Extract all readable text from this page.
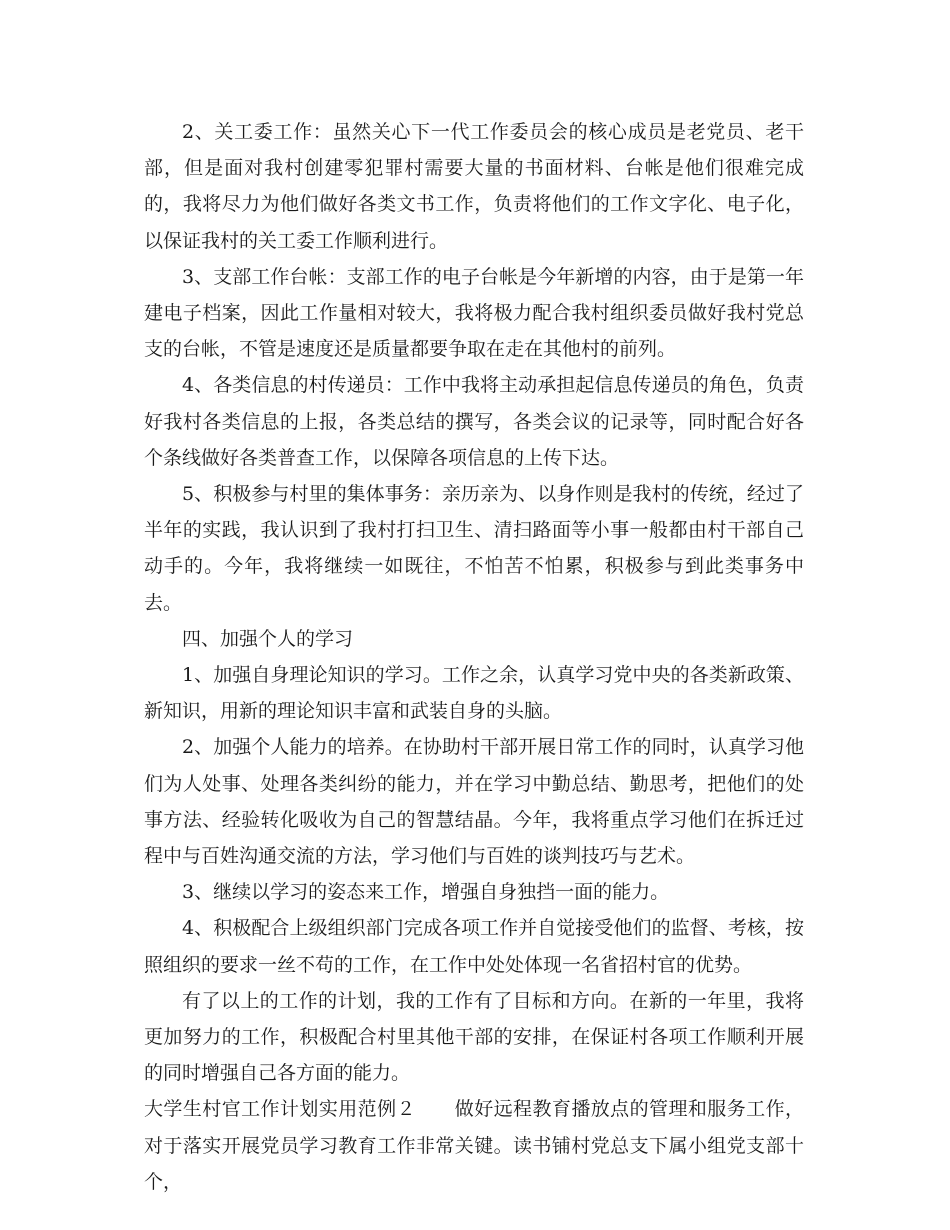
2、关工委工作：虽然关心下一代工作委员会的核心成员是老党员、老干部，但是面对我村创建零犯罪村需要大量的书面材料、台帐是他们很难完成的，我将尽力为他们做好各类文书工作，负责将他们的工作文字化、电子化，以保证我村的关工委工作顺利进行。

3、支部工作台帐：支部工作的电子台帐是今年新增的内容，由于是第一年建电子档案，因此工作量相对较大，我将极力配合我村组织委员做好我村党总支的台帐，不管是速度还是质量都要争取在走在其他村的前列。

4、各类信息的村传递员：工作中我将主动承担起信息传递员的角色，负责好我村各类信息的上报，各类总结的撰写，各类会议的记录等，同时配合好各个条线做好各类普查工作，以保障各项信息的上传下达。

5、积极参与村里的集体事务：亲历亲为、以身作则是我村的传统，经过了半年的实践，我认识到了我村打扫卫生、清扫路面等小事一般都由村干部自己动手的。今年，我将继续一如既往，不怕苦不怕累，积极参与到此类事务中去。

四、加强个人的学习

1、加强自身理论知识的学习。工作之余，认真学习党中央的各类新政策、新知识，用新的理论知识丰富和武装自身的头脑。

2、加强个人能力的培养。在协助村干部开展日常工作的同时，认真学习他们为人处事、处理各类纠纷的能力，并在学习中勤总结、勤思考，把他们的处事方法、经验转化吸收为自己的智慧结晶。今年，我将重点学习他们在拆迁过程中与百姓沟通交流的方法，学习他们与百姓的谈判技巧与艺术。

3、继续以学习的姿态来工作，增强自身独挡一面的能力。

4、积极配合上级组织部门完成各项工作并自觉接受他们的监督、考核，按照组织的要求一丝不苟的工作，在工作中处处体现一名省招村官的优势。

有了以上的工作的计划，我的工作有了目标和方向。在新的一年里，我将更加努力的工作，积极配合村里其他干部的安排，在保证村各项工作顺利开展的同时增强自己各方面的能力。

大学生村官工作计划实用范例２　　做好远程教育播放点的管理和服务工作，对于落实开展党员学习教育工作非常关键。读书铺村党总支下属小组党支部十个，
